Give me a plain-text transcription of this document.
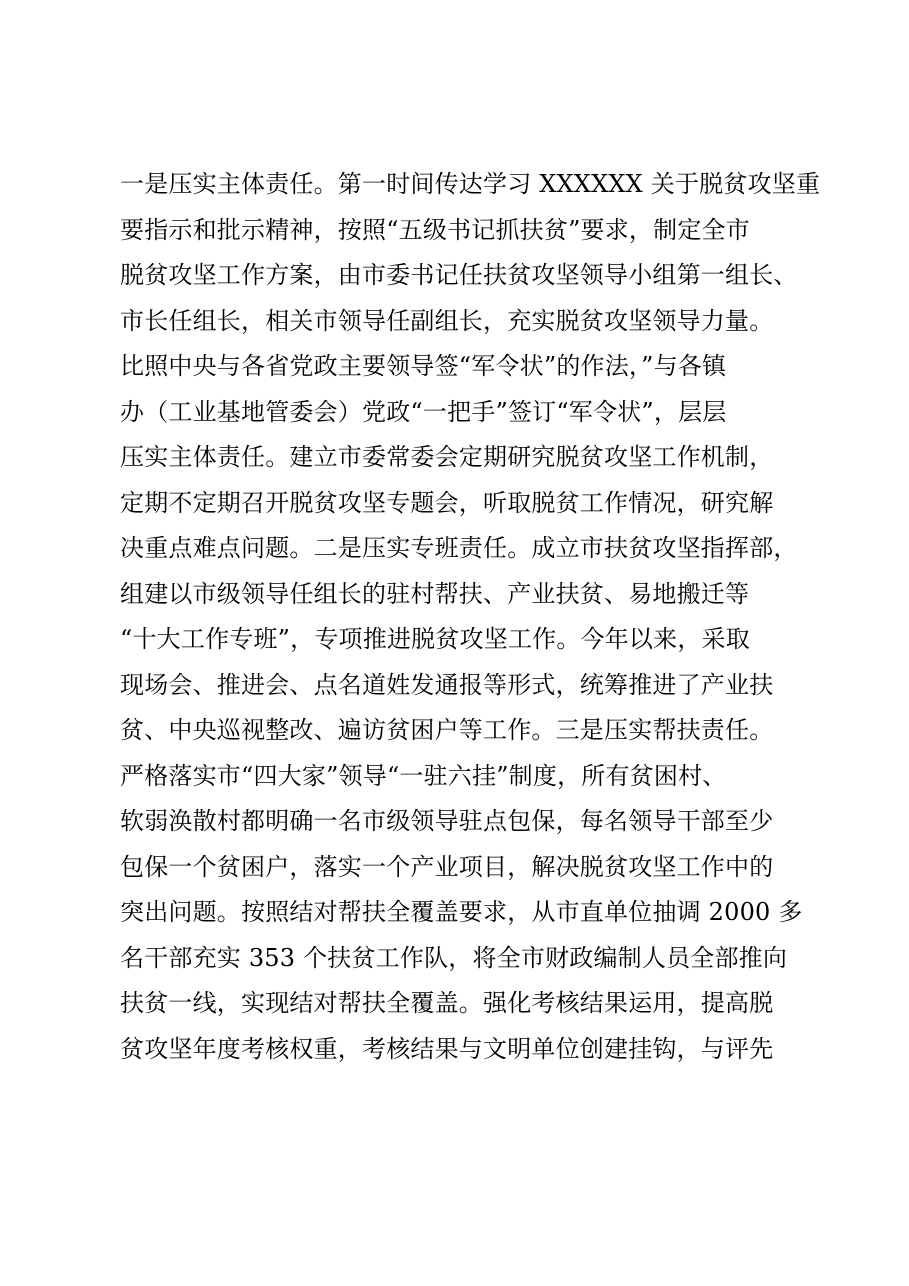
一是压实主体责任。第一时间传达学习 XXXXXX 关于脱贫攻坚重
要指示和批示精神，按照“五级书记抓扶贫”要求，制定全市
脱贫攻坚工作方案，由市委书记任扶贫攻坚领导小组第一组长、
市长任组长，相关市领导任副组长，充实脱贫攻坚领导力量。
比照中央与各省党政主要领导签“军令状”的作法，”与各镇
办（工业基地管委会）党政“一把手”签订“军令状”，层层
压实主体责任。建立市委常委会定期研究脱贫攻坚工作机制，
定期不定期召开脱贫攻坚专题会，听取脱贫工作情况，研究解
决重点难点问题。二是压实专班责任。成立市扶贫攻坚指挥部，
组建以市级领导任组长的驻村帮扶、产业扶贫、易地搬迁等
“十大工作专班”，专项推进脱贫攻坚工作。今年以来，采取
现场会、推进会、点名道姓发通报等形式，统筹推进了产业扶
贫、中央巡视整改、遍访贫困户等工作。三是压实帮扶责任。
严格落实市“四大家”领导“一驻六挂”制度，所有贫困村、
软弱涣散村都明确一名市级领导驻点包保，每名领导干部至少
包保一个贫困户，落实一个产业项目，解决脱贫攻坚工作中的
突出问题。按照结对帮扶全覆盖要求，从市直单位抽调 2000 多
名干部充实 353 个扶贫工作队，将全市财政编制人员全部推向
扶贫一线，实现结对帮扶全覆盖。强化考核结果运用，提高脱
贫攻坚年度考核权重，考核结果与文明单位创建挂钩，与评先
